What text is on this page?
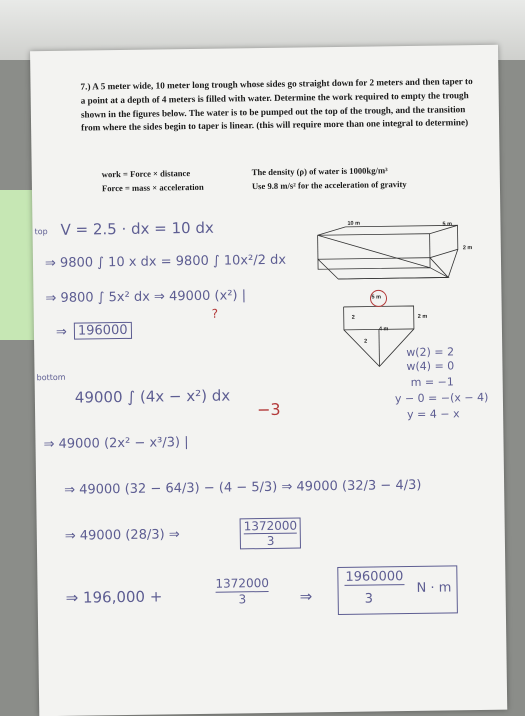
7.) A 5 meter wide, 10 meter long trough whose sides go straight down for 2 meters and then taper to a point at a depth of 4 meters is filled with water. Determine the work required to empty the trough shown in the figures below. The water is to be pumped out the top of the trough, and the transition from where the sides begin to taper is linear. (this will require more than one integral to determine)
work = Force × distance
Force = mass × acceleration
The density (ρ) of water is 1000kg/m³
Use 9.8 m/s² for the acceleration of gravity
10 m	5 m
2 m
5 m
2	2 m
4 m
2
top V = 2.5 · dx = 10 dx
⇒ 9800 ∫ 10 x dx = 9800 ∫ 10x²/2 dx
⇒ 9800 ∫ 5x² dx ⇒ 49000 (x²) |
?
⇒ 196000
bottom
49000 ∫ (4x − x²) dx
−3
⇒ 49000 (2x² − x³/3) |
⇒ 49000 (32 − 64/3) − (4 − 5/3) ⇒ 49000 (32/3 − 4/3)
⇒ 49000 (28/3) ⇒	$\frac{1372000}{3}$
⇒ 196,000 +	$\frac{1372000}{3}$ ⇒
1960000
3
N · m
w(2) = 2
w(4) = 0
m = −1
y − 0 = −(x − 4)
y = 4 − x
